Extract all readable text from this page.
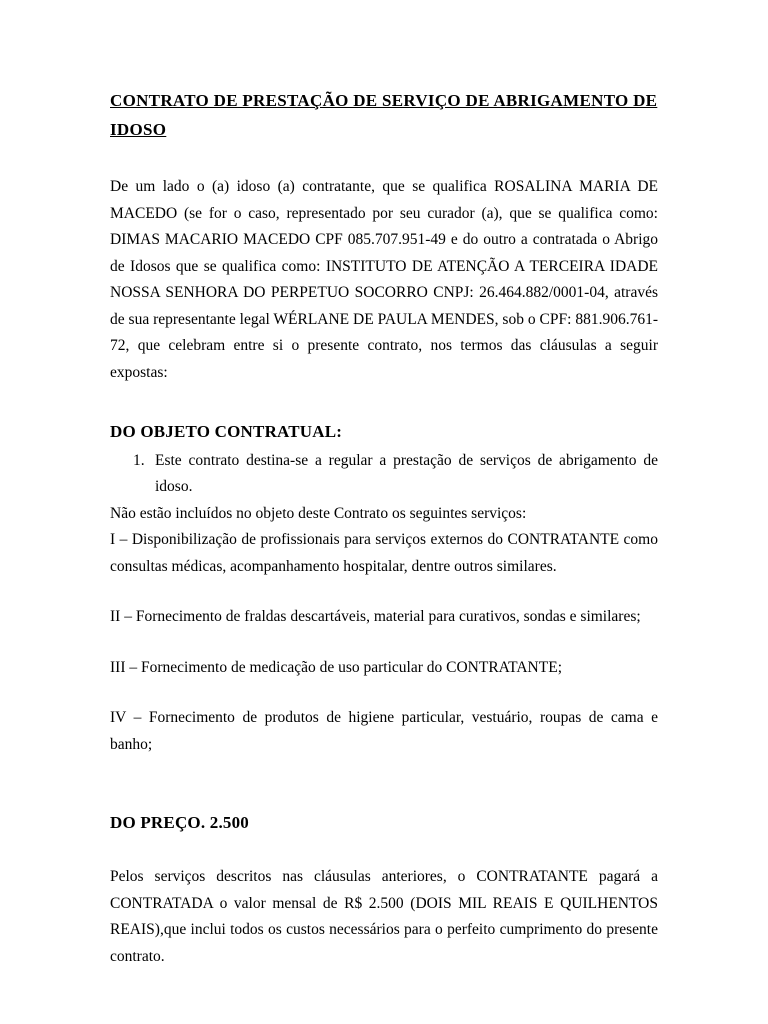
CONTRATO DE PRESTAÇÃO DE SERVIÇO DE ABRIGAMENTO DE IDOSO

De um lado o (a) idoso (a) contratante, que se qualifica ROSALINA MARIA DE MACEDO (se for o caso, representado por seu curador (a), que se qualifica como: DIMAS MACARIO MACEDO CPF 085.707.951-49 e do outro a contratada o Abrigo de Idosos que se qualifica como: INSTITUTO DE ATENÇÃO A TERCEIRA IDADE NOSSA SENHORA DO PERPETUO SOCORRO CNPJ: 26.464.882/0001-04, através de sua representante legal WÉRLANE DE PAULA MENDES, sob o CPF: 881.906.761-72, que celebram entre si o presente contrato, nos termos das cláusulas a seguir expostas:

DO OBJETO CONTRATUAL:
1. Este contrato destina-se a regular a prestação de serviços de abrigamento de idoso.

Não estão incluídos no objeto deste Contrato os seguintes serviços:

I – Disponibilização de profissionais para serviços externos do CONTRATANTE como consultas médicas, acompanhamento hospitalar, dentre outros similares.

II – Fornecimento de fraldas descartáveis, material para curativos, sondas e similares;

III – Fornecimento de medicação de uso particular do CONTRATANTE;

IV – Fornecimento de produtos de higiene particular, vestuário, roupas de cama e banho;

DO PREÇO. 2.500

Pelos serviços descritos nas cláusulas anteriores, o CONTRATANTE pagará a CONTRATADA o valor mensal de R$ 2.500 (DOIS MIL REAIS E QUILHENTOS REAIS),que inclui todos os custos necessários para o perfeito cumprimento do presente contrato.
